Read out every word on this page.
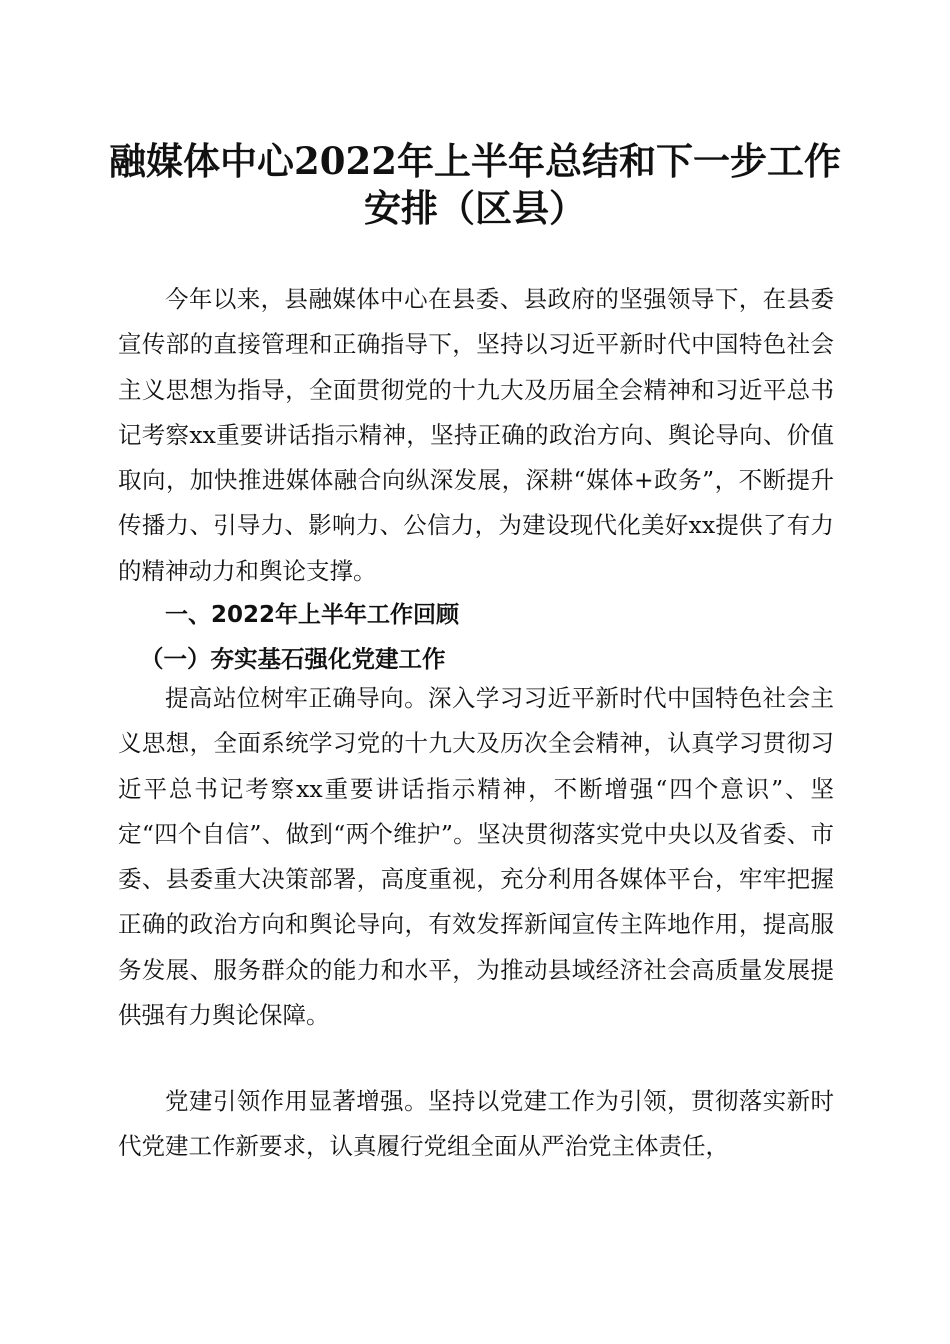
融媒体中心2022年上半年总结和下一步工作
安排（区县）

今年以来，县融媒体中心在县委、县政府的坚强领导下，在县委宣传部的直接管理和正确指导下，坚持以习近平新时代中国特色社会主义思想为指导，全面贯彻党的十九大及历届全会精神和习近平总书记考察xx重要讲话指示精神，坚持正确的政治方向、舆论导向、价值取向，加快推进媒体融合向纵深发展，深耕“媒体+政务”，不断提升传播力、引导力、影响力、公信力，为建设现代化美好xx提供了有力的精神动力和舆论支撑。

一、2022年上半年工作回顾
（一）夯实基石强化党建工作

提高站位树牢正确导向。深入学习习近平新时代中国特色社会主义思想，全面系统学习党的十九大及历次全会精神，认真学习贯彻习近平总书记考察xx重要讲话指示精神，不断增强“四个意识”、坚定“四个自信”、做到“两个维护”。坚决贯彻落实党中央以及省委、市委、县委重大决策部署，高度重视，充分利用各媒体平台，牢牢把握正确的政治方向和舆论导向，有效发挥新闻宣传主阵地作用，提高服务发展、服务群众的能力和水平，为推动县域经济社会高质量发展提供强有力舆论保障。

党建引领作用显著增强。坚持以党建工作为引领，贯彻落实新时代党建工作新要求，认真履行党组全面从严治党主体责任，
